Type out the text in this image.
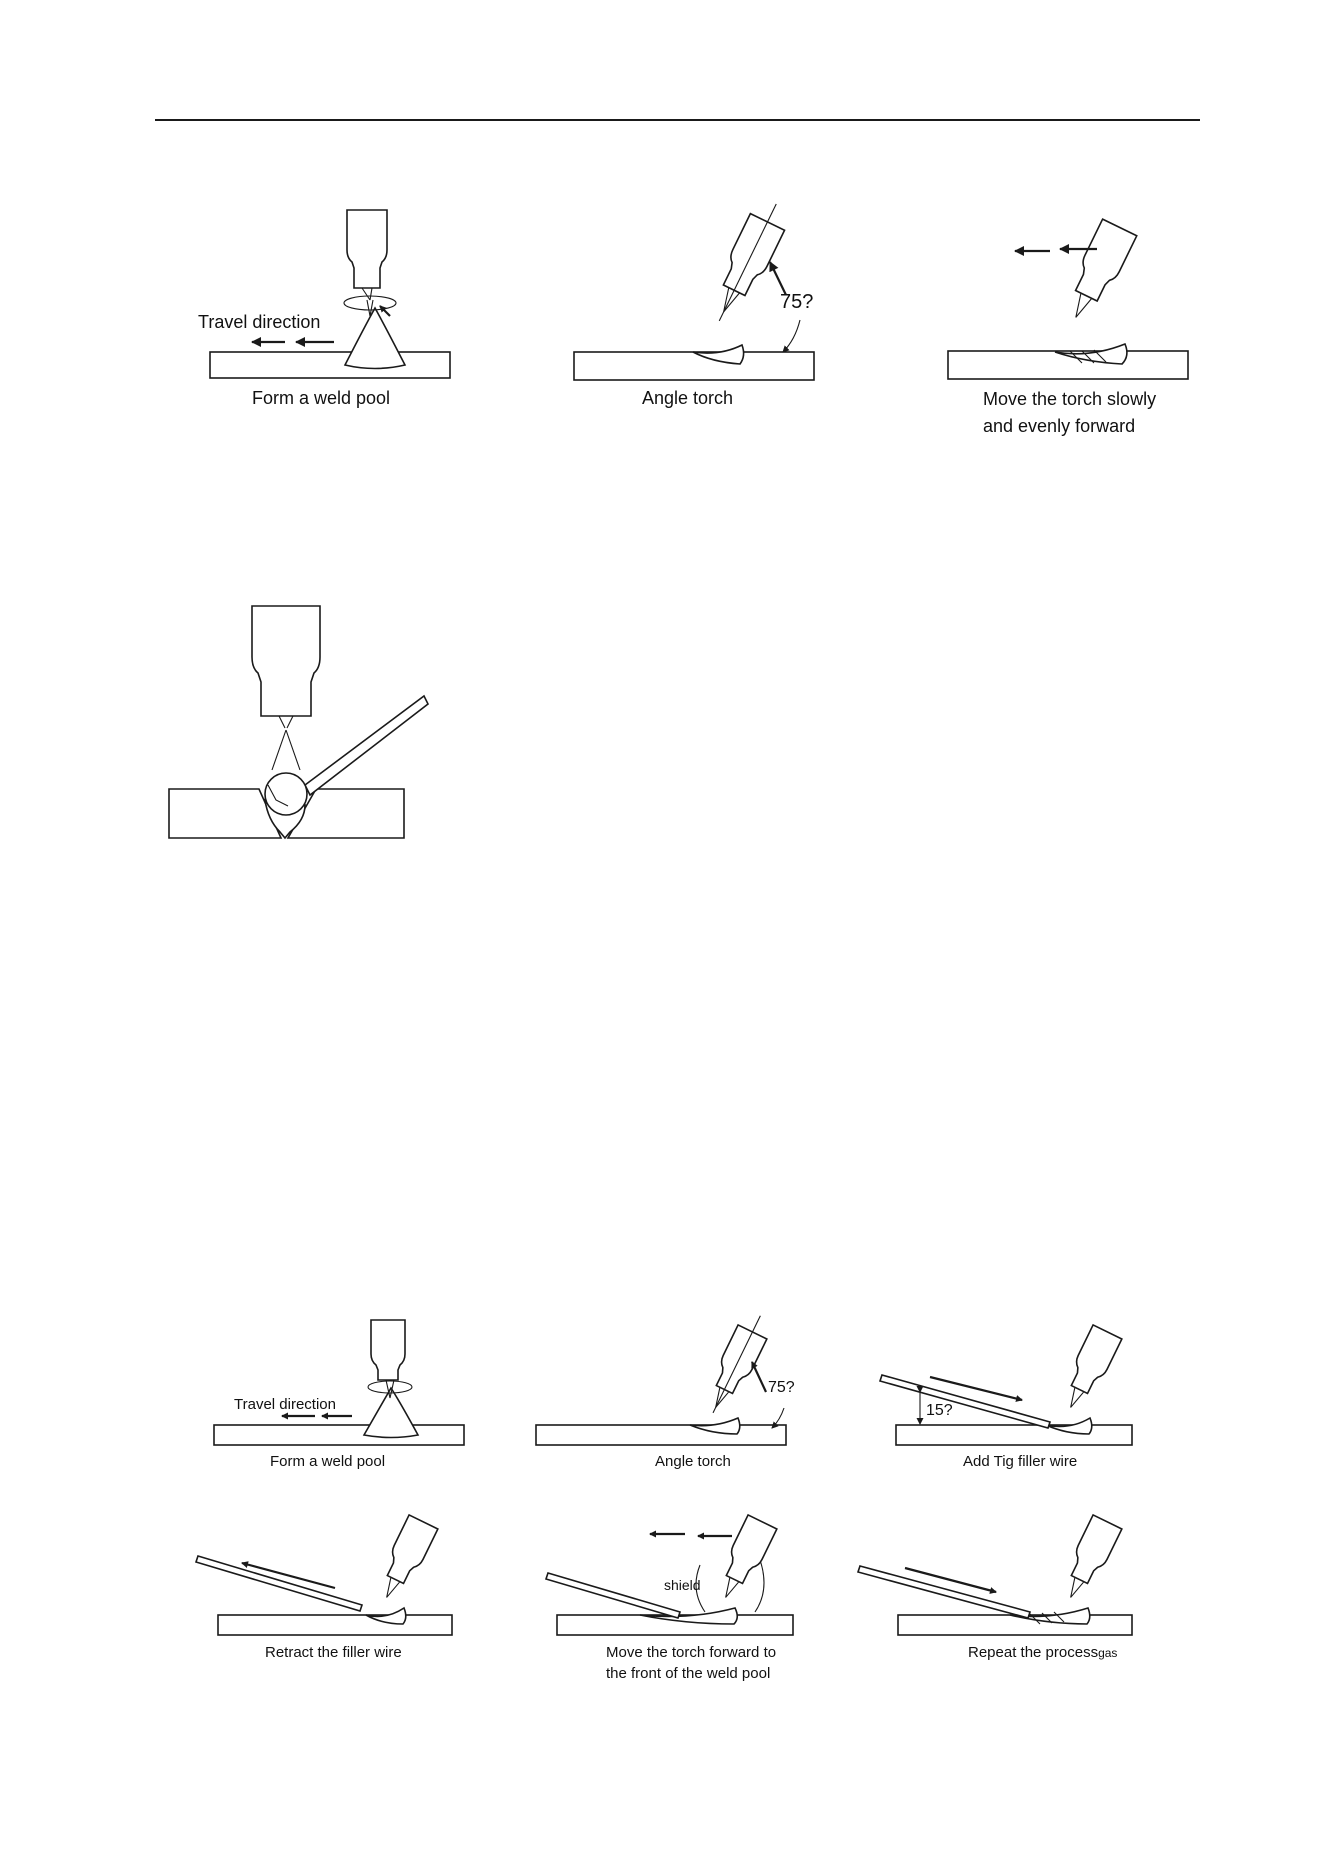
Travel direction
Form a weld pool
75?
Angle torch	Move the torch slowly
and evenly forward
Travel direction
Form a weld pool
75?
Angle torch
15?
Add Tig filler wire
Retract the filler wire
shield
Move the torch forward to
the front of the weld pool
Repeat the processgas
